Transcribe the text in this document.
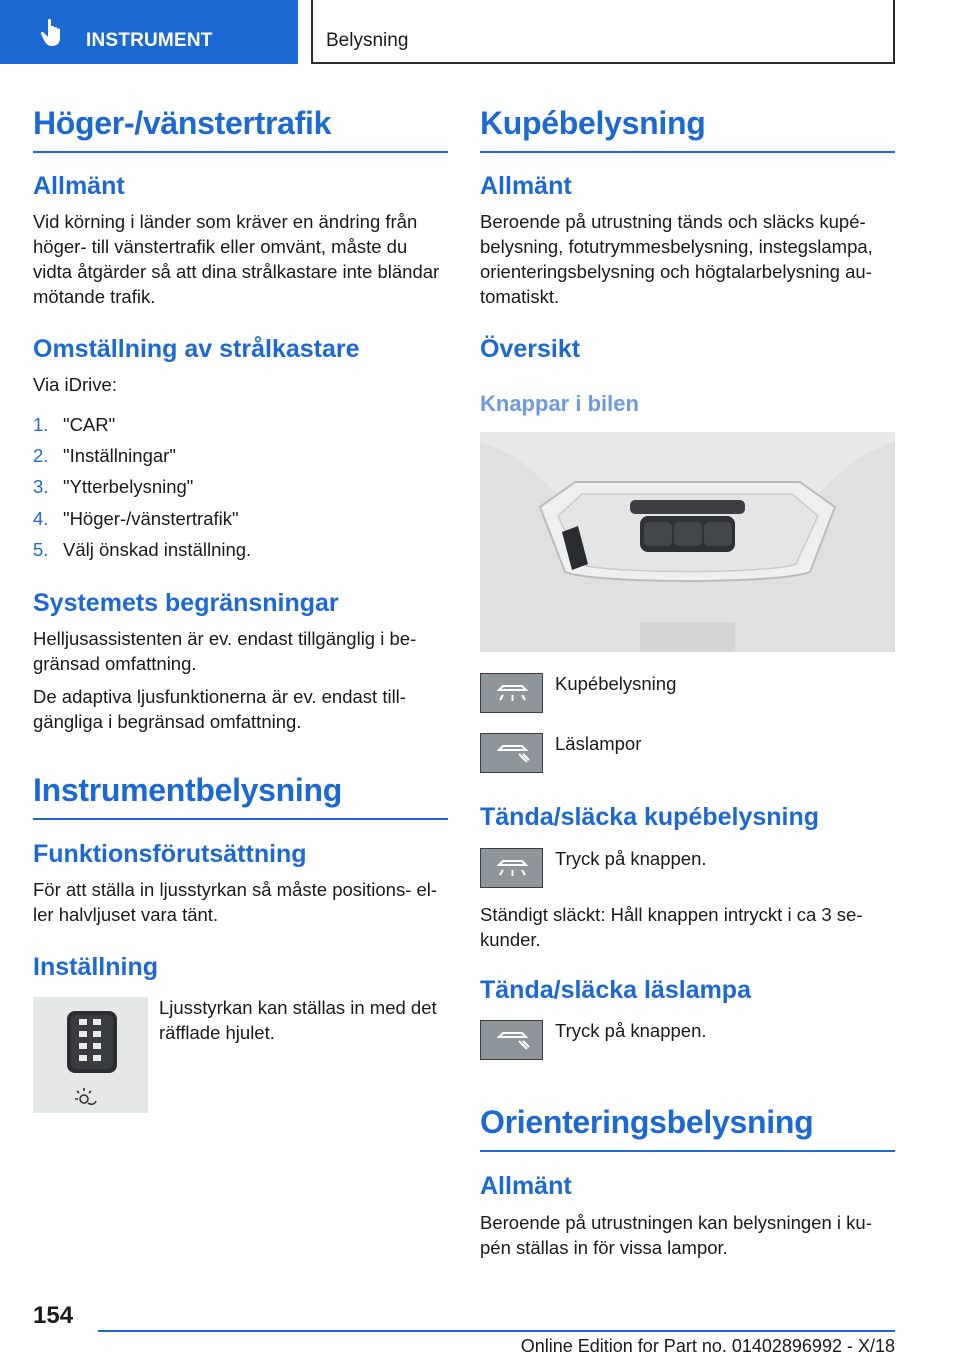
INSTRUMENT	Belysning
Höger-/vänstertrafik
Allmänt
Vid körning i länder som kräver en ändring från höger- till vänstertrafik eller omvänt, måste du vidta åtgärder så att dina strålkastare inte bländar mötande trafik.
Omställning av strålkastare
Via iDrive:
1. "CAR"
2. "Inställningar"
3. "Ytterbelysning"
4. "Höger-/vänstertrafik"
5. Välj önskad inställning.
Systemets begränsningar
Helljusassistenten är ev. endast tillgänglig i be-gränsad omfattning.
De adaptiva ljusfunktionerna är ev. endast till-gängliga i begränsad omfattning.
Instrumentbelysning
Funktionsförutsättning
För att ställa in ljusstyrkan så måste positions- el-ler halvljuset vara tänt.
Inställning
Ljusstyrkan kan ställas in med det räfflade hjulet.
Kupébelysning
Allmänt
Beroende på utrustning tänds och släcks kupé-belysning, fotutrymmesbelysning, instegslampa, orienteringsbelysning och högtalarbelysning au-tomatiskt.
Översikt
Knappar i bilen
Kupébelysning
Läslampor
Tända/släcka kupébelysning
Tryck på knappen.
Ständigt släckt: Håll knappen intryckt i ca 3 se-kunder.
Tända/släcka läslampa
Tryck på knappen.
Orienteringsbelysning
Allmänt
Beroende på utrustningen kan belysningen i ku-pén ställas in för vissa lampor.
154
Online Edition for Part no. 01402896992 - X/18
